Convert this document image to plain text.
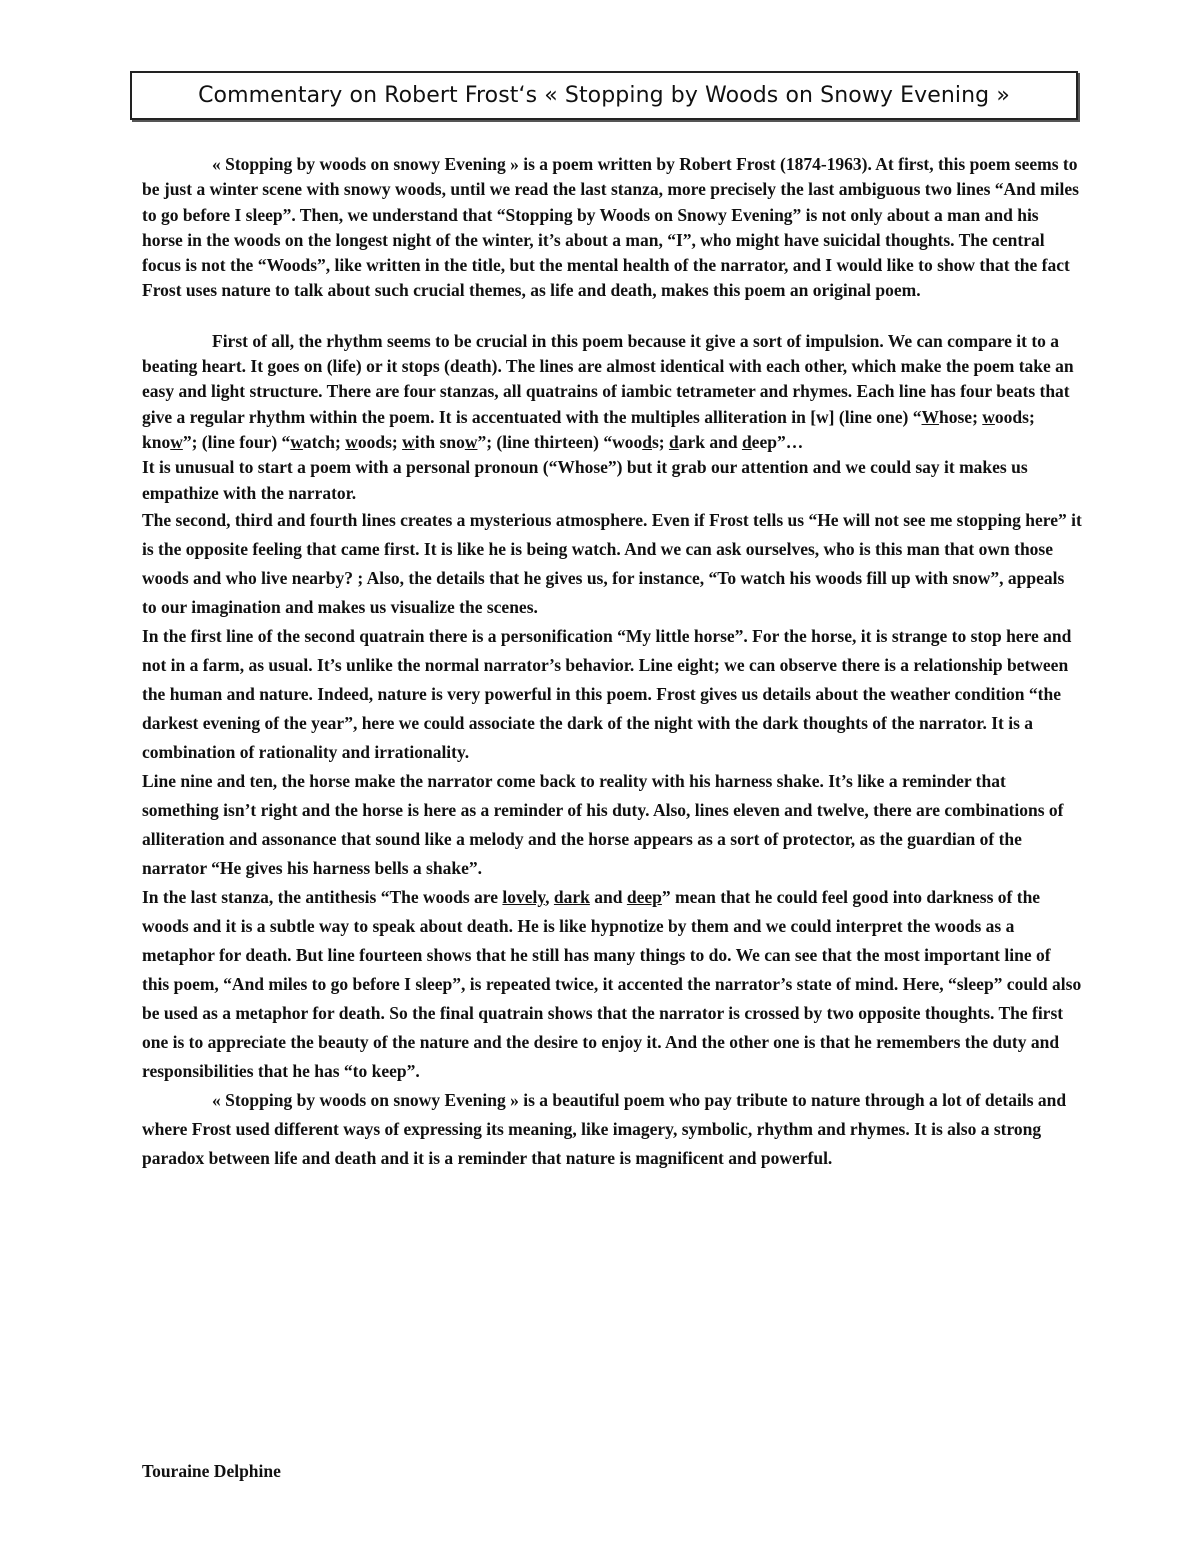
Commentary on Robert Frost‘s « Stopping by Woods on Snowy Evening »

« Stopping by woods on snowy Evening » is a poem written by Robert Frost (1874-1963). At first, this poem seems to be just a winter scene with snowy woods, until we read the last stanza, more precisely the last ambiguous two lines “And miles to go before I sleep”. Then, we understand that “Stopping by Woods on Snowy Evening” is not only about a man and his horse in the woods on the longest night of the winter, it’s about a man, “I”, who might have suicidal thoughts. The central focus is not the “Woods”, like written in the title, but the mental health of the narrator, and I would like to show that the fact Frost uses nature to talk about such crucial themes, as life and death, makes this poem an original poem.

First of all, the rhythm seems to be crucial in this poem because it give a sort of impulsion. We can compare it to a beating heart. It goes on (life) or it stops (death). The lines are almost identical with each other, which make the poem take an easy and light structure. There are four stanzas, all quatrains of iambic tetrameter and rhymes. Each line has four beats that give a regular rhythm within the poem. It is accentuated with the multiples alliteration in [w] (line one) “Whose; woods; know”; (line four) “watch; woods; with snow”; (line thirteen) “woods; dark and deep”…

It is unusual to start a poem with a personal pronoun (“Whose”) but it grab our attention and we could say it makes us empathize with the narrator.

The second, third and fourth lines creates a mysterious atmosphere. Even if Frost tells us “He will not see me stopping here” it is the opposite feeling that came first. It is like he is being watch. And we can ask ourselves, who is this man that own those woods and who live nearby? ; Also, the details that he gives us, for instance, “To watch his woods fill up with snow”, appeals to our imagination and makes us visualize the scenes.

In the first line of the second quatrain there is a personification “My little horse”. For the horse, it is strange to stop here and not in a farm, as usual. It’s unlike the normal narrator’s behavior. Line eight; we can observe there is a relationship between the human and nature. Indeed, nature is very powerful in this poem. Frost gives us details about the weather condition “the darkest evening of the year”, here we could associate the dark of the night with the dark thoughts of the narrator. It is a combination of rationality and irrationality.

Line nine and ten, the horse make the narrator come back to reality with his harness shake. It’s like a reminder that something isn’t right and the horse is here as a reminder of his duty. Also, lines eleven and twelve, there are combinations of alliteration and assonance that sound like a melody and the horse appears as a sort of protector, as the guardian of the narrator “He gives his harness bells a shake”.

In the last stanza, the antithesis “The woods are lovely, dark and deep” mean that he could feel good into darkness of the woods and it is a subtle way to speak about death. He is like hypnotize by them and we could interpret the woods as a metaphor for death. But line fourteen shows that he still has many things to do. We can see that the most important line of this poem, “And miles to go before I sleep”, is repeated twice, it accented the narrator’s state of mind. Here, “sleep” could also be used as a metaphor for death. So the final quatrain shows that the narrator is crossed by two opposite thoughts. The first one is to appreciate the beauty of the nature and the desire to enjoy it. And the other one is that he remembers the duty and responsibilities that he has “to keep”.

« Stopping by woods on snowy Evening » is a beautiful poem who pay tribute to nature through a lot of details and where Frost used different ways of expressing its meaning, like imagery, symbolic, rhythm and rhymes. It is also a strong paradox between life and death and it is a reminder that nature is magnificent and powerful.

Touraine Delphine
